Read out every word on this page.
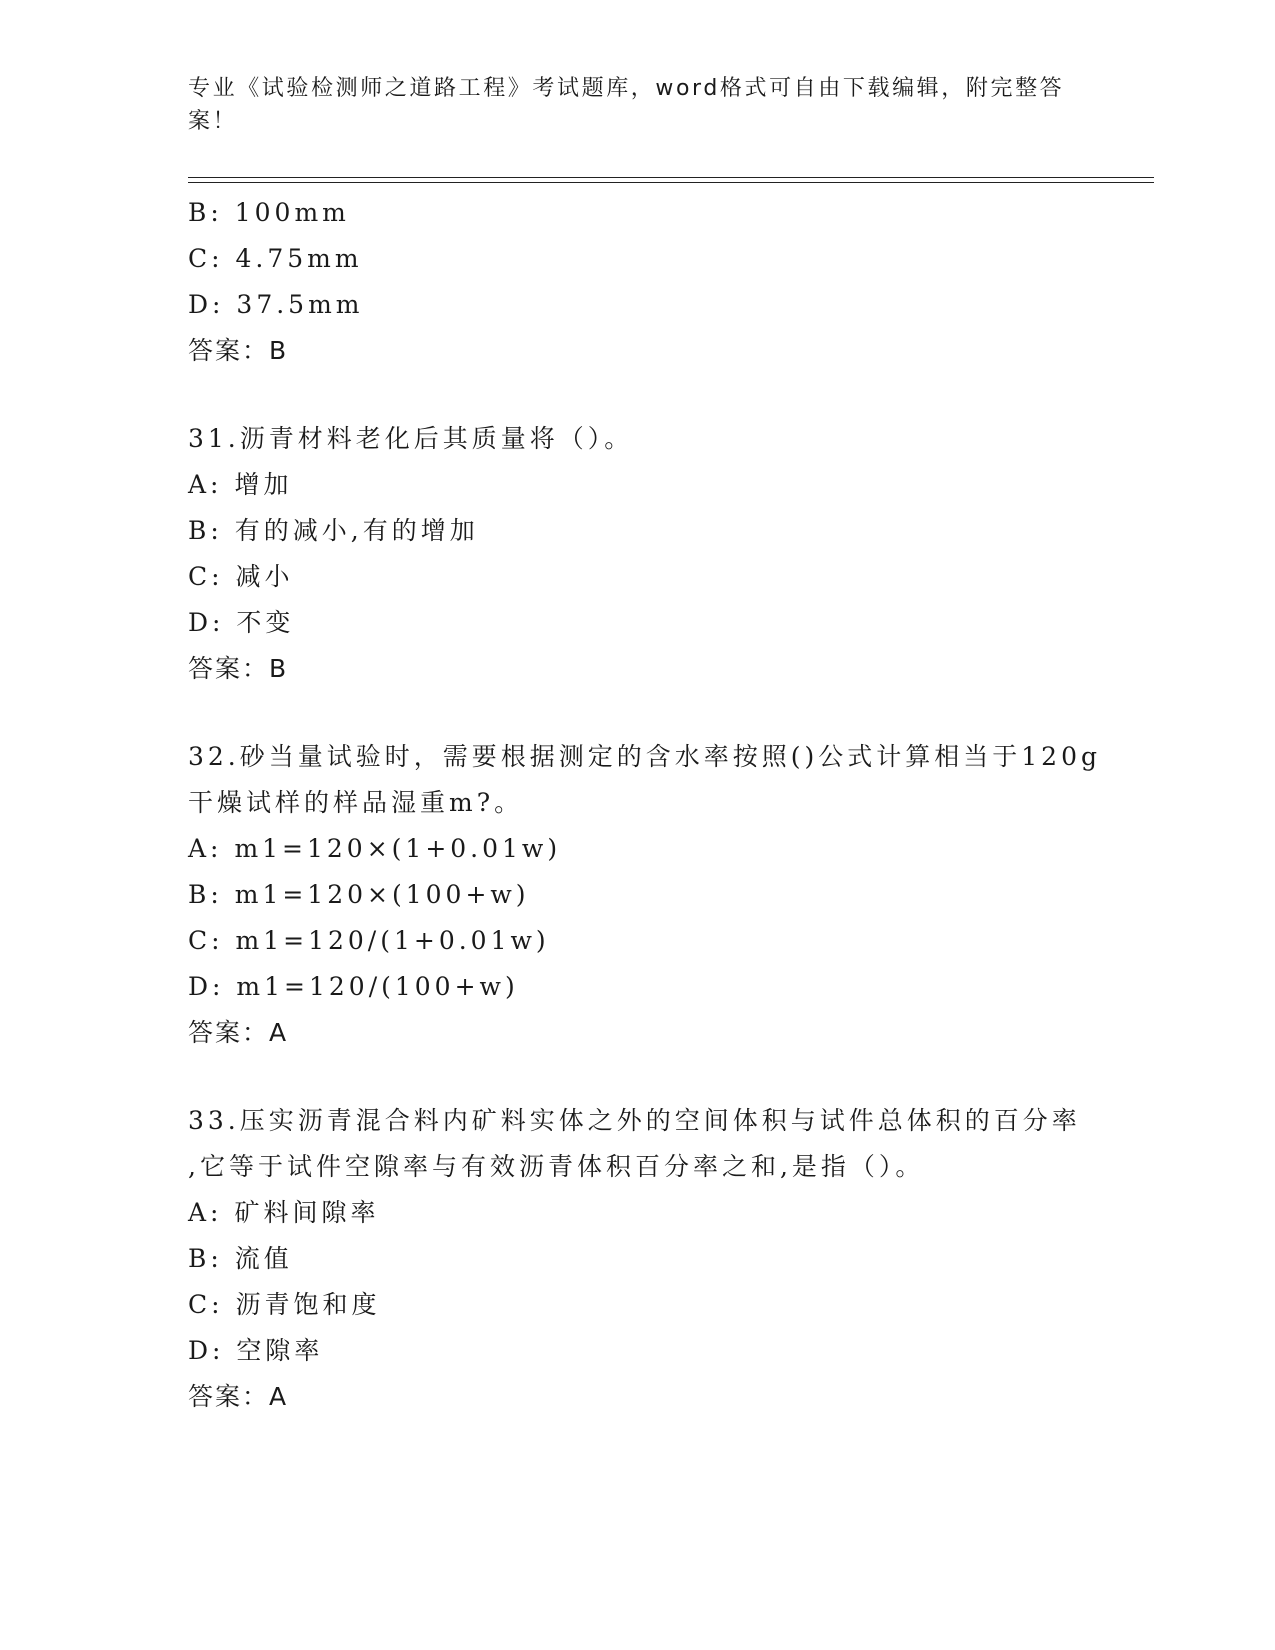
专业《试验检测师之道路工程》考试题库，word格式可自由下载编辑，附完整答
案！
B: 100mm
C: 4.75mm
D: 37.5mm
答案：B
31.沥青材料老化后其质量将（）。
A: 增加
B: 有的减小,有的增加
C: 减小
D: 不变
答案：B
32.砂当量试验时，需要根据测定的含水率按照()公式计算相当于120g
干燥试样的样品湿重m?。
A: m1=120×(1+0.01w)
B: m1=120×(100+w)
C: m1=120/(1+0.01w)
D: m1=120/(100+w)
答案：A
33.压实沥青混合料内矿料实体之外的空间体积与试件总体积的百分率
,它等于试件空隙率与有效沥青体积百分率之和,是指（）。
A: 矿料间隙率
B: 流值
C: 沥青饱和度
D: 空隙率
答案：A
